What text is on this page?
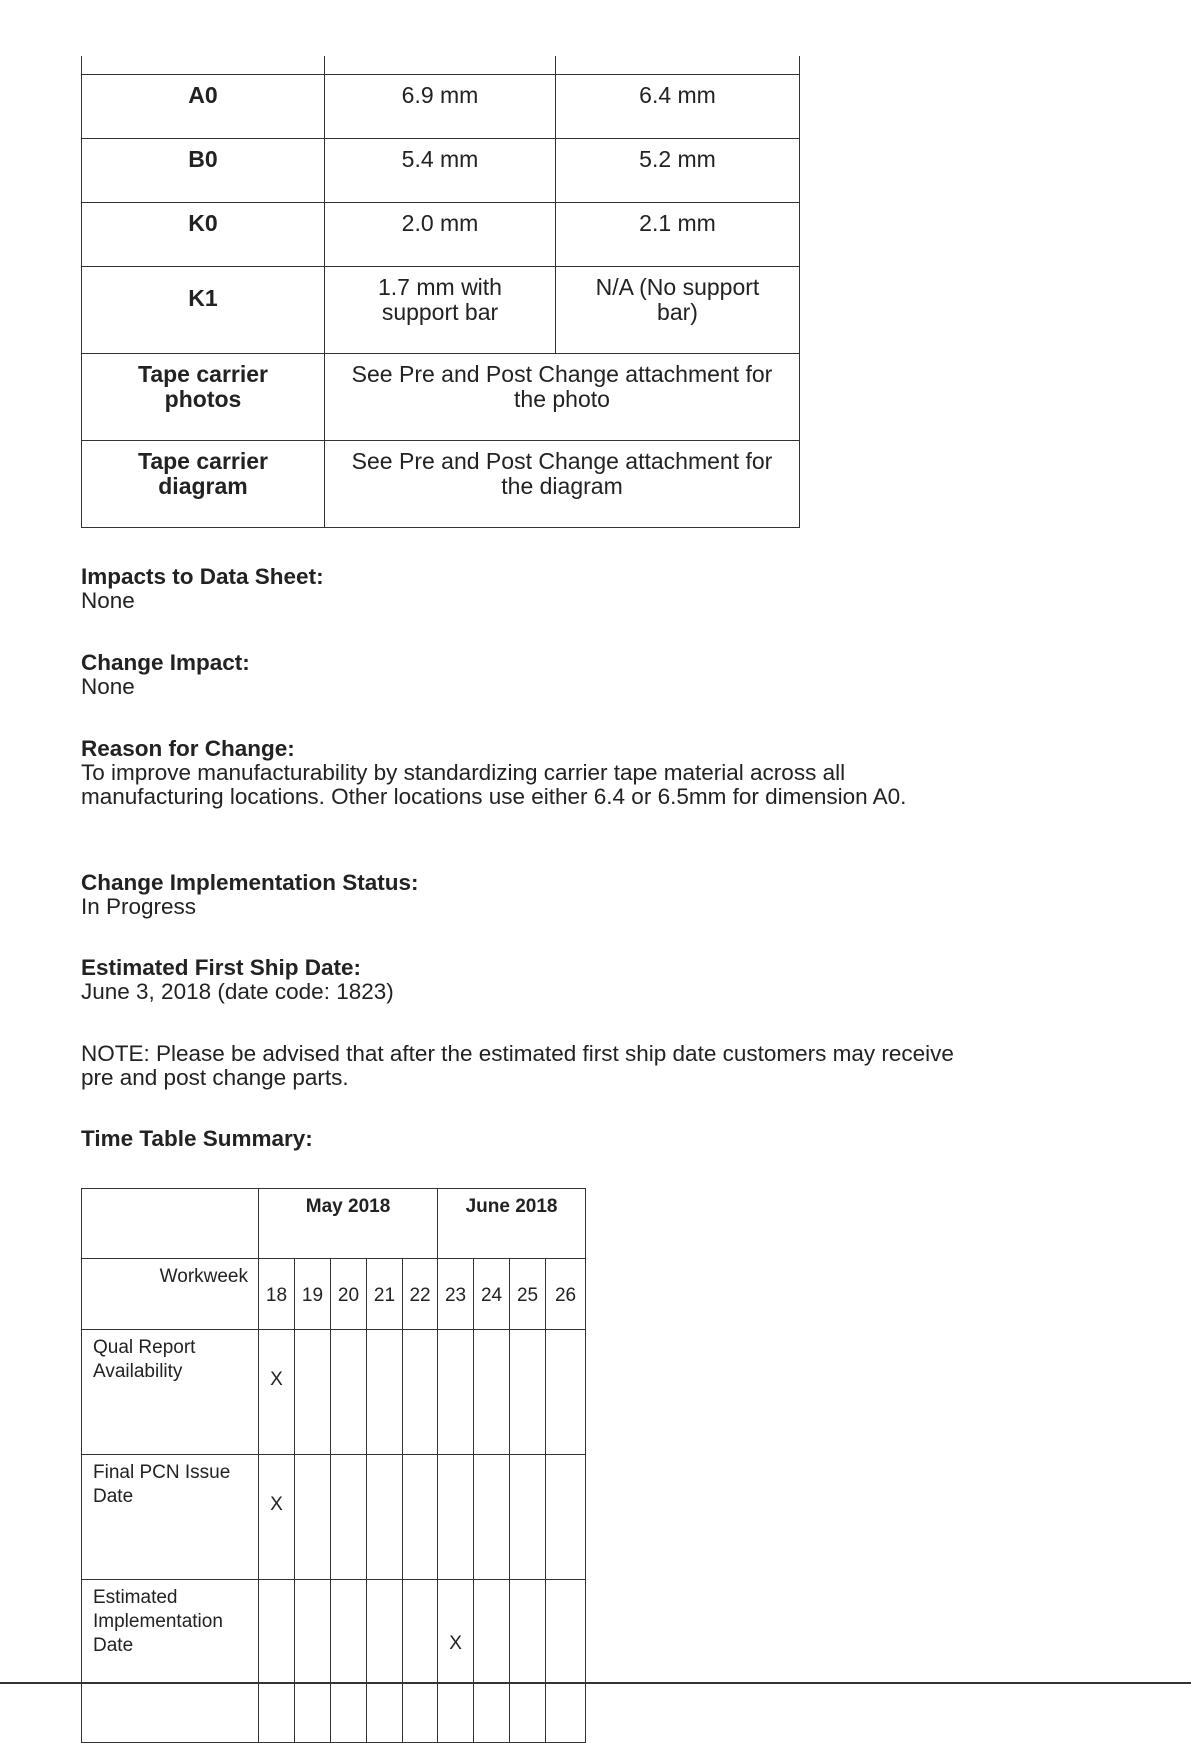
A0	6.9 mm	6.4 mm
B0	5.4 mm	5.2 mm
K0	2.0 mm	2.1 mm
K1	1.7 mm with support bar	N/A (No support bar)
Tape carrier photos	See Pre and Post Change attachment for the photo	
Tape carrier diagram	See Pre and Post Change attachment for the diagram	
Impacts to Data Sheet:
None
Change Impact:
None
Reason for Change:
To improve manufacturability by standardizing carrier tape material across all manufacturing locations. Other locations use either 6.4 or 6.5mm for dimension A0.
Change Implementation Status:
In Progress
Estimated First Ship Date:
June 3, 2018 (date code: 1823)
NOTE: Please be advised that after the estimated first ship date customers may receive pre and post change parts.
Time Table Summary:
	May 2018					June 2018			
Workweek	18	19	20	21	22	23	24	25	26
Qual Report Availability	X								
Final PCN Issue Date	X								
Estimated Implementation Date						X			
